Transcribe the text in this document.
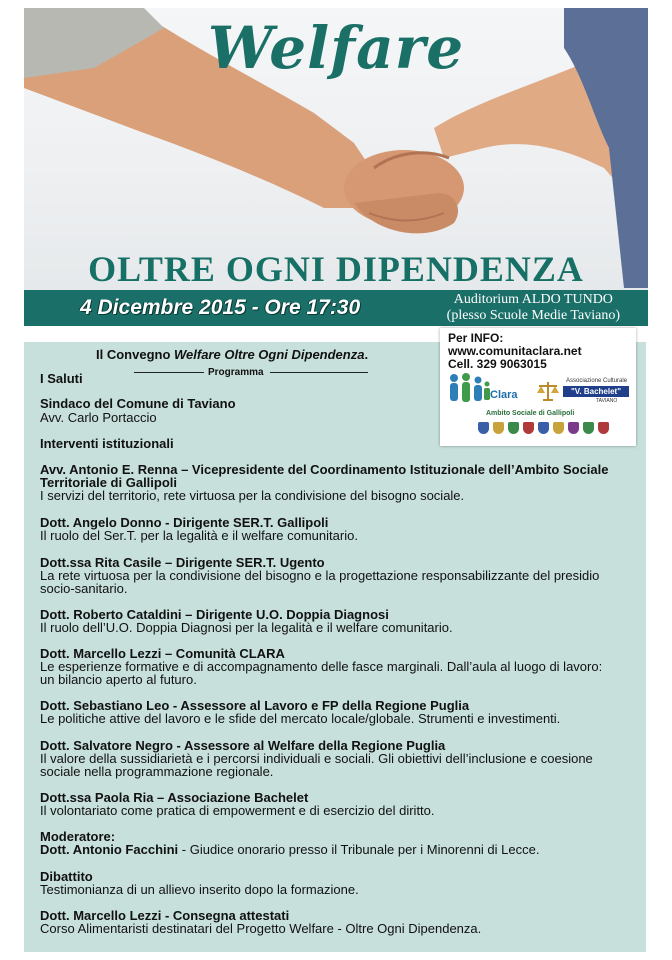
Welfare
OLTRE OGNI DIPENDENZA
4 Dicembre 2015 - Ore 17:30	Auditorium ALDO TUNDO
(plesso Scuole Medie Taviano)
Il Convegno Welfare Oltre Ogni Dipendenza.
Programma
I Saluti
Sindaco del Comune di Taviano
Avv. Carlo Portaccio
Interventi istituzionali
Avv. Antonio E. Renna – Vicepresidente del Coordinamento Istituzionale dell’Ambito Sociale
Territoriale di Gallipoli
I servizi del territorio, rete virtuosa per la condivisione del bisogno sociale.
Dott. Angelo Donno - Dirigente SER.T. Gallipoli
Il ruolo del Ser.T. per la legalità e il welfare comunitario.
Dott.ssa Rita Casile – Dirigente SER.T. Ugento
La rete virtuosa per la condivisione del bisogno e la progettazione responsabilizzante del presidio
socio-sanitario.
Dott. Roberto Cataldini – Dirigente U.O. Doppia Diagnosi
Il ruolo dell’U.O. Doppia Diagnosi per la legalità e il welfare comunitario.
Dott. Marcello Lezzi – Comunità CLARA
Le esperienze formative e di accompagnamento delle fasce marginali. Dall’aula al luogo di lavoro:
un bilancio aperto al futuro.
Dott. Sebastiano Leo - Assessore al Lavoro e FP della Regione Puglia
Le politiche attive del lavoro e le sfide del mercato locale/globale. Strumenti e investimenti.
Dott. Salvatore Negro - Assessore al Welfare della Regione Puglia
Il valore della sussidiarietà e i percorsi individuali e sociali. Gli obiettivi dell’inclusione e coesione
sociale nella programmazione regionale.
Dott.ssa Paola Ria – Associazione Bachelet
Il volontariato come pratica di empowerment e di esercizio del diritto.
Moderatore:
Dott. Antonio Facchini - Giudice onorario presso il Tribunale per i Minorenni di Lecce.
Dibattito
Testimonianza di un allievo inserito dopo la formazione.
Dott. Marcello Lezzi - Consegna attestati
Corso Alimentaristi destinatari del Progetto Welfare - Oltre Ogni Dipendenza.
Per INFO:
www.comunitaclara.net
Cell. 329 9063015
Clara
Associazione Culturale
"V. Bachelet"
TAVIANO
Ambito Sociale di Gallipoli
